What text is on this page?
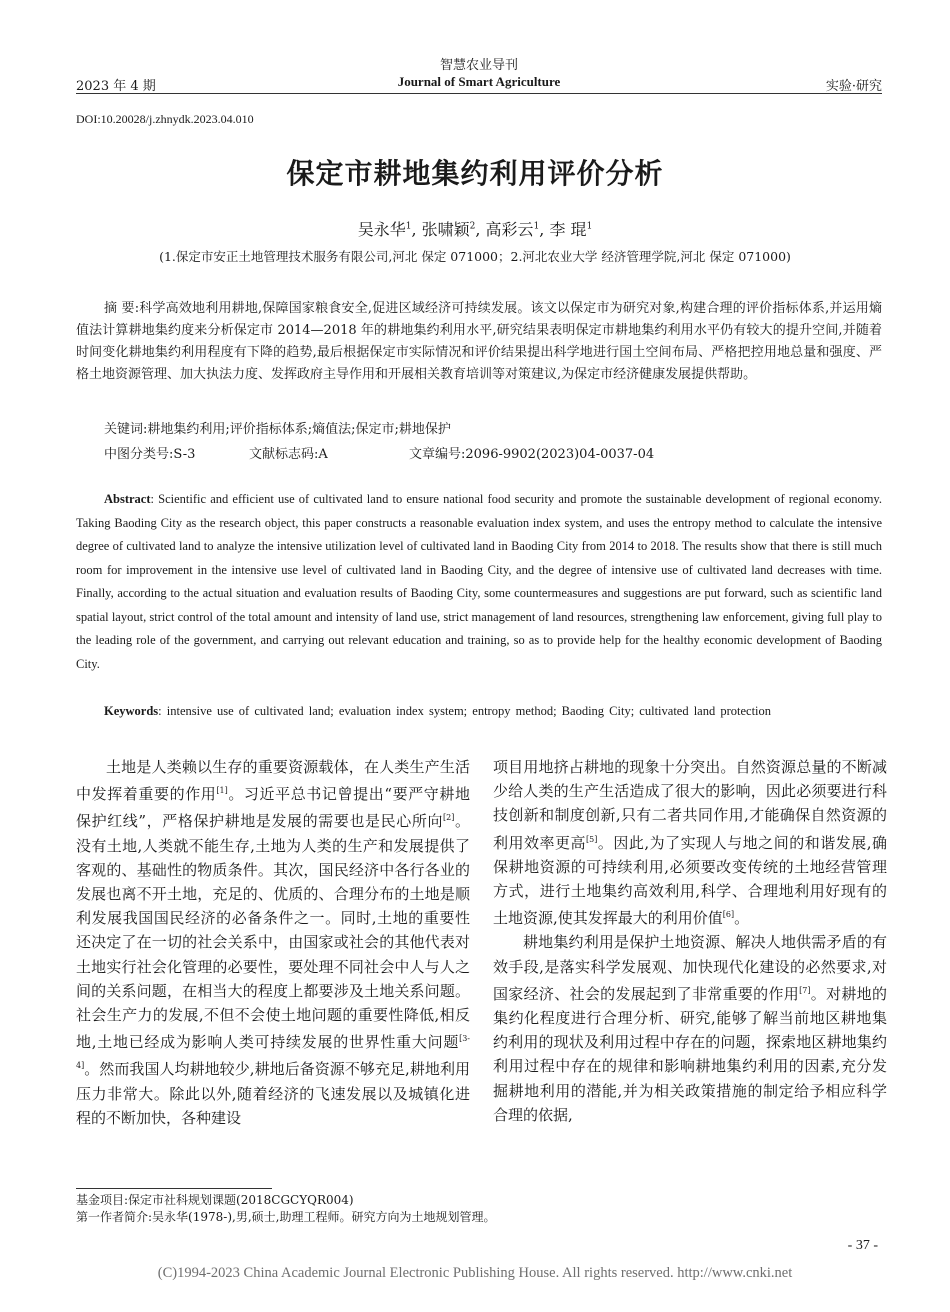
智慧农业导刊
Journal of Smart Agriculture
2023 年 4 期	实验·研究
DOI:10.20028/j.zhnydk.2023.04.010
保定市耕地集约利用评价分析
吴永华$^1$, 张啸颖$^2$, 高彩云$^1$, 李 琨$^1$
(1.保定市安正土地管理技术服务有限公司,河北 保定 071000；2.河北农业大学 经济管理学院,河北 保定 071000)

摘 要:科学高效地利用耕地,保障国家粮食安全,促进区域经济可持续发展。该文以保定市为研究对象,构建合理的评价指标体系,并运用熵值法计算耕地集约度来分析保定市 2014—2018 年的耕地集约利用水平,研究结果表明保定市耕地集约利用水平仍有较大的提升空间,并随着时间变化耕地集约利用程度有下降的趋势,最后根据保定市实际情况和评价结果提出科学地进行国土空间布局、严格把控用地总量和强度、严格土地资源管理、加大执法力度、发挥政府主导作用和开展相关教育培训等对策建议,为保定市经济健康发展提供帮助。

关键词:耕地集约利用;评价指标体系;熵值法;保定市;耕地保护
中图分类号:S-3	文献标志码:A	文章编号:2096-9902(2023)04-0037-04

Abstract: Scientific and efficient use of cultivated land to ensure national food security and promote the sustainable development of regional economy. Taking Baoding City as the research object, this paper constructs a reasonable evaluation index system, and uses the entropy method to calculate the intensive degree of cultivated land to analyze the intensive utilization level of cultivated land in Baoding City from 2014 to 2018. The results show that there is still much room for improvement in the intensive use level of cultivated land in Baoding City, and the degree of intensive use of cultivated land decreases with time. Finally, according to the actual situation and evaluation results of Baoding City, some countermeasures and suggestions are put forward, such as scientific land spatial layout, strict control of the total amount and intensity of land use, strict management of land resources, strengthening law enforcement, giving full play to the leading role of the government, and carrying out relevant education and training, so as to provide help for the healthy economic development of Baoding City.

Keywords: intensive use of cultivated land; evaluation index system; entropy method; Baoding City; cultivated land protection

土地是人类赖以生存的重要资源载体，在人类生产生活中发挥着重要的作用[1]。习近平总书记曾提出“要严守耕地保护红线”，严格保护耕地是发展的需要也是民心所向[2]。没有土地,人类就不能生存,土地为人类的生产和发展提供了客观的、基础性的物质条件。其次，国民经济中各行各业的发展也离不开土地，充足的、优质的、合理分布的土地是顺利发展我国国民经济的必备条件之一。同时,土地的重要性还决定了在一切的社会关系中，由国家或社会的其他代表对土地实行社会化管理的必要性，要处理不同社会中人与人之间的关系问题，在相当大的程度上都要涉及土地关系问题。社会生产力的发展,不但不会使土地问题的重要性降低,相反地,土地已经成为影响人类可持续发展的世界性重大问题[3-4]。然而我国人均耕地较少,耕地后备资源不够充足,耕地利用压力非常大。除此以外,随着经济的飞速发展以及城镇化进程的不断加快，各种建设

项目用地挤占耕地的现象十分突出。自然资源总量的不断减少给人类的生产生活造成了很大的影响，因此必须要进行科技创新和制度创新,只有二者共同作用,才能确保自然资源的利用效率更高[5]。因此,为了实现人与地之间的和谐发展,确保耕地资源的可持续利用,必须要改变传统的土地经营管理方式，进行土地集约高效利用,科学、合理地利用好现有的土地资源,使其发挥最大的利用价值[6]。

耕地集约利用是保护土地资源、解决人地供需矛盾的有效手段,是落实科学发展观、加快现代化建设的必然要求,对国家经济、社会的发展起到了非常重要的作用[7]。对耕地的集约化程度进行合理分析、研究,能够了解当前地区耕地集约利用的现状及利用过程中存在的问题，探索地区耕地集约利用过程中存在的规律和影响耕地集约利用的因素,充分发掘耕地利用的潜能,并为相关政策措施的制定给予相应科学合理的依据,

基金项目:保定市社科规划课题(2018CGCYQR004)
第一作者简介:吴永华(1978-),男,硕士,助理工程师。研究方向为土地规划管理。
- 37 -
(C)1994-2023 China Academic Journal Electronic Publishing House. All rights reserved. http://www.cnki.net
